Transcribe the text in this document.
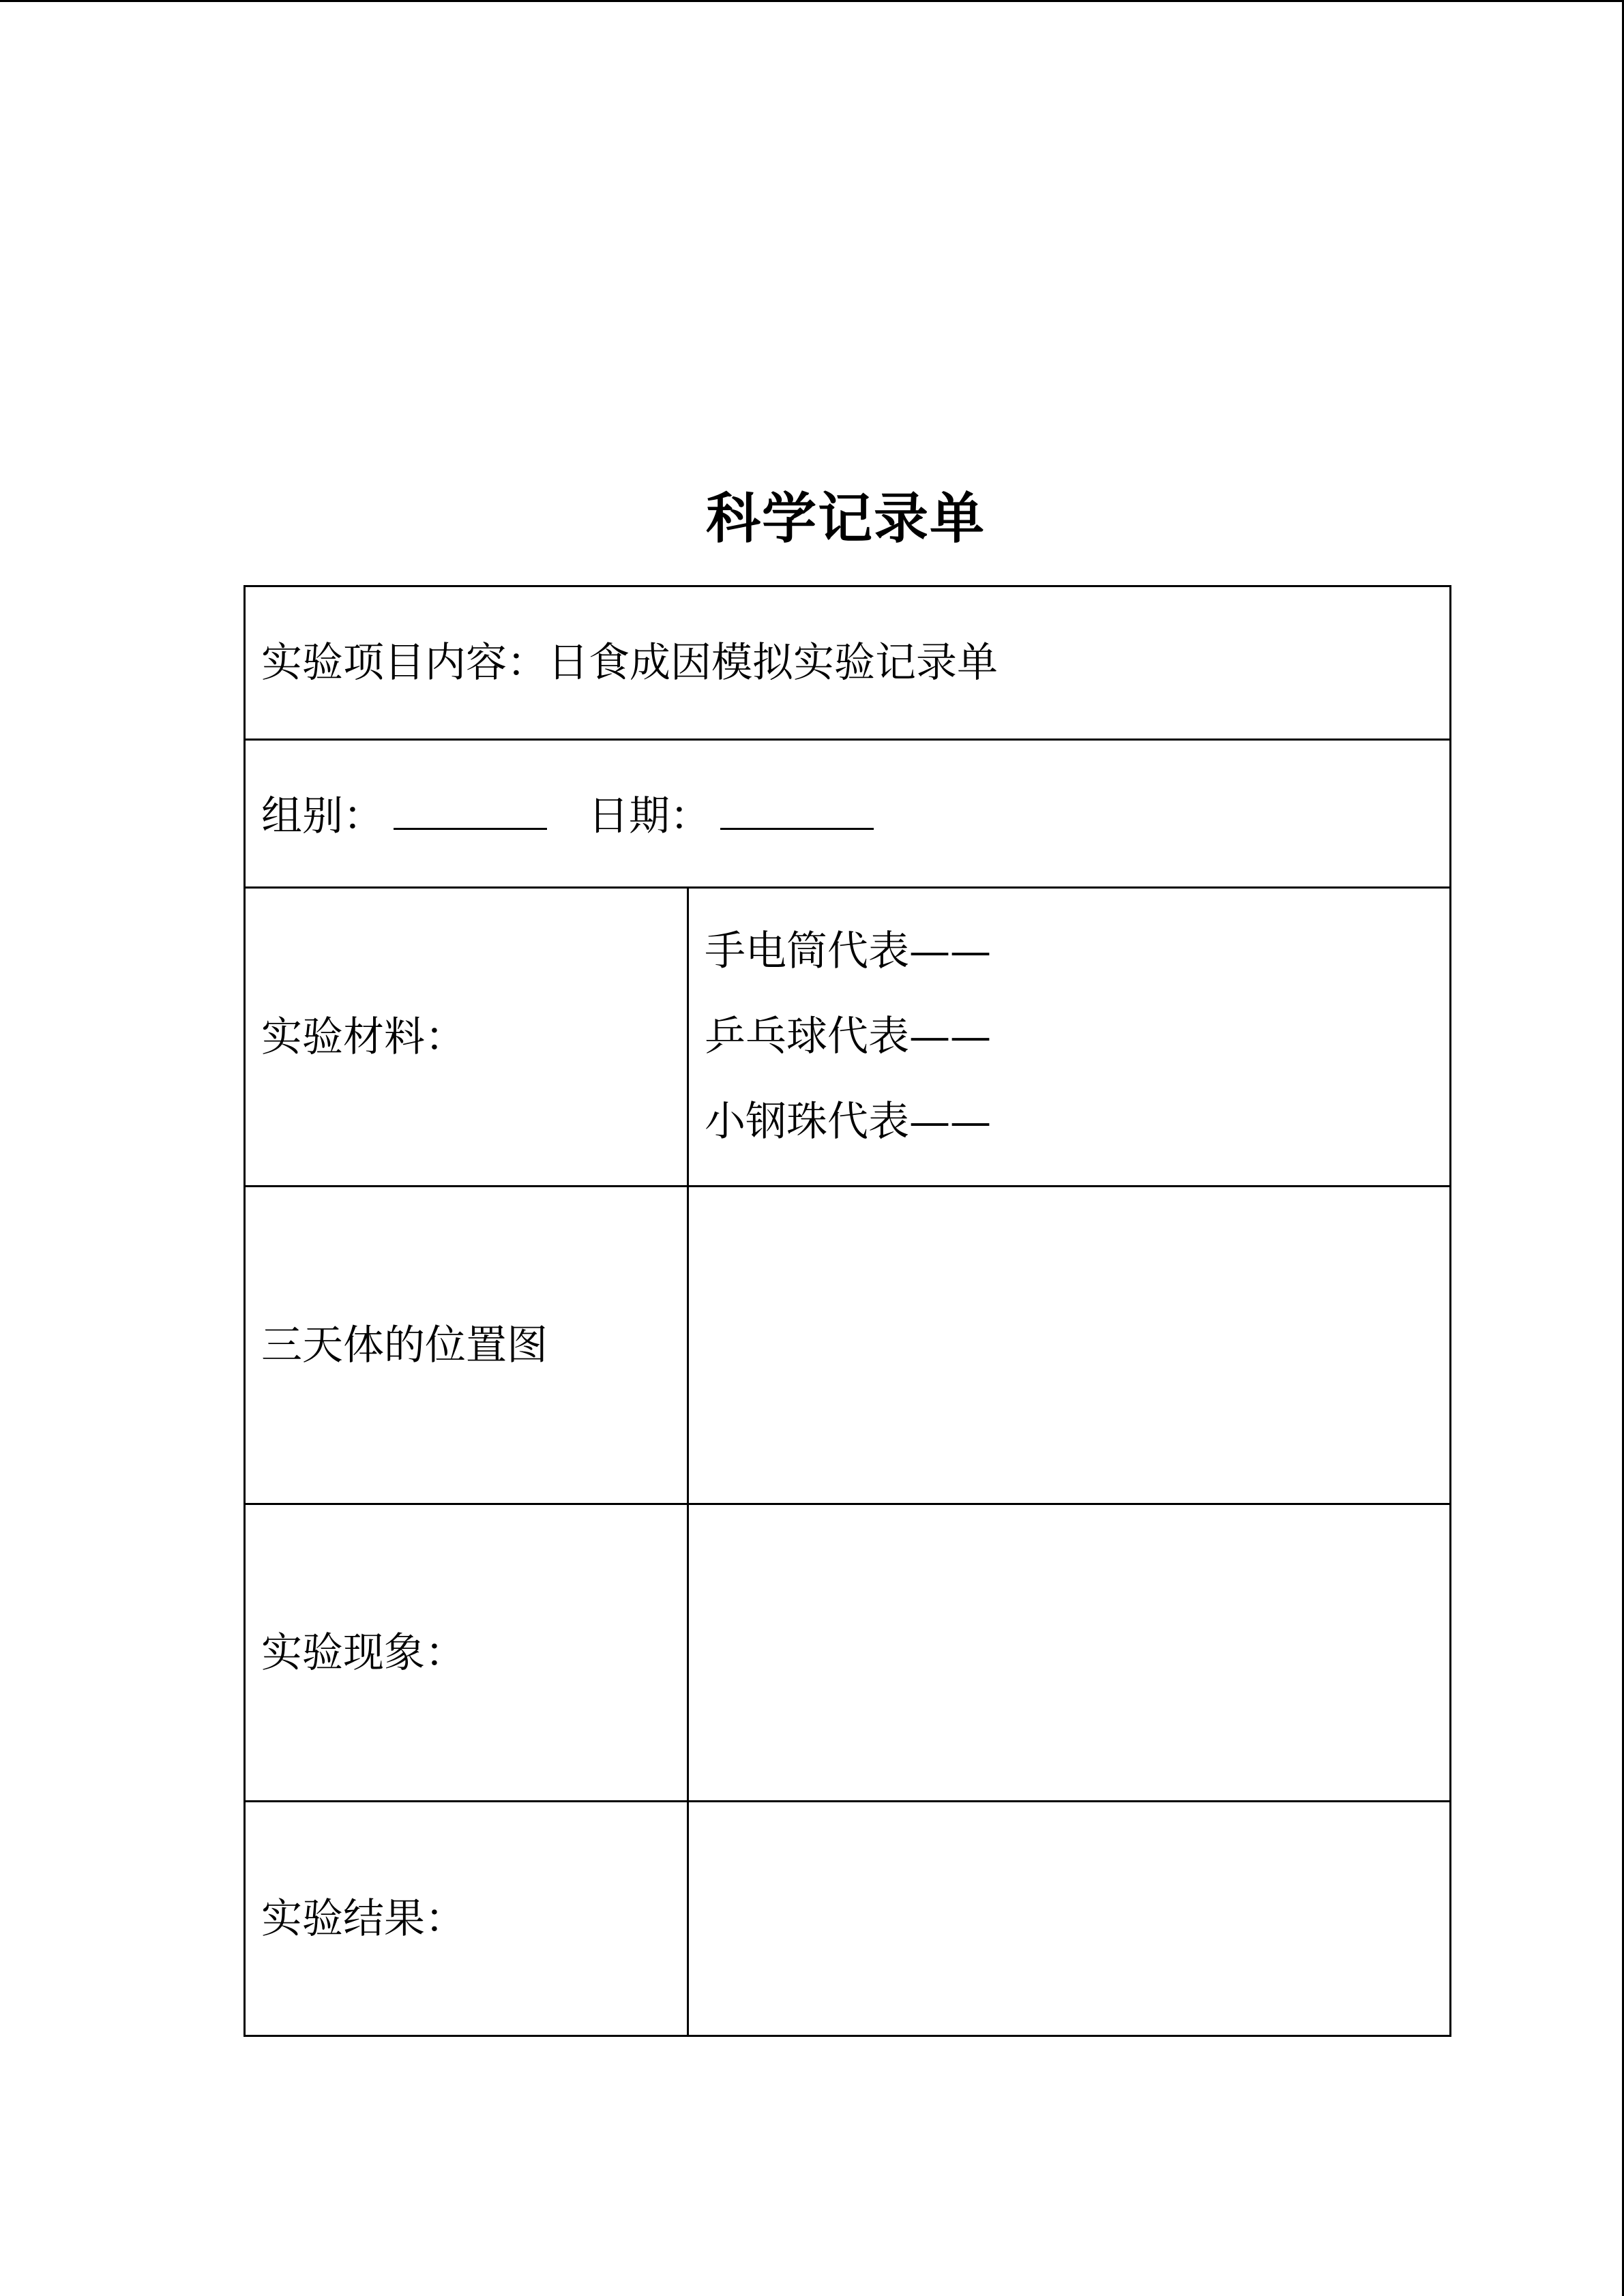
科学记录单
实验项目内容：日食成因模拟实验记录单	
组别： 日期：	
实验材料：	手电筒代表——
乒乓球代表——
小钢珠代表——

三天体的位置图	
实验现象：	
实验结果：	
